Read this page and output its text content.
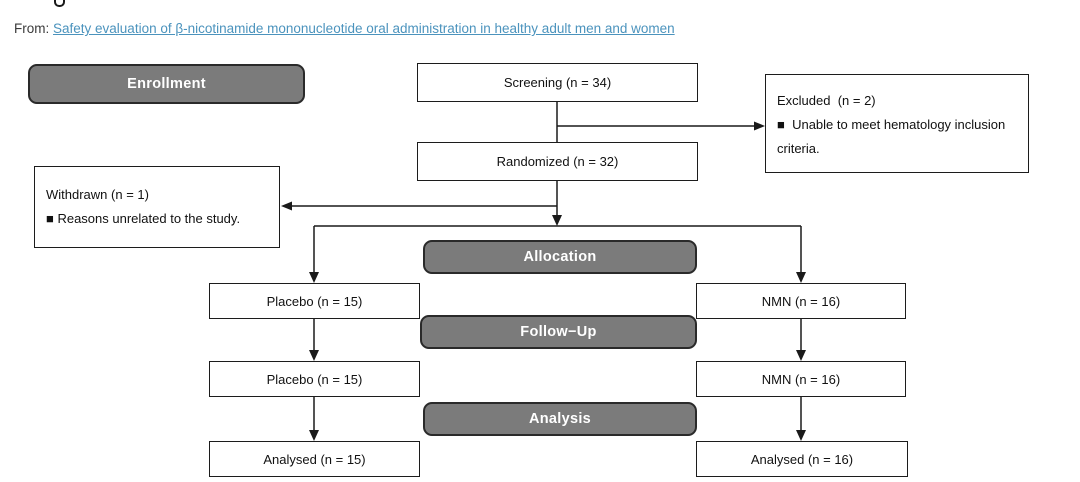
From: Safety evaluation of β-nicotinamide mononucleotide oral administration in healthy adult men and women
Enrollment
Allocation
Follow−Up
Analysis
Screening (n = 34)
Excluded  (n = 2)
■  Unable to meet hematology inclusion criteria.
Randomized (n = 32)
Withdrawn (n = 1)
■ Reasons unrelated to the study.
Placebo (n = 15)	NMN (n = 16)
Placebo (n = 15)	NMN (n = 16)
Analysed (n = 15)	Analysed (n = 16)
